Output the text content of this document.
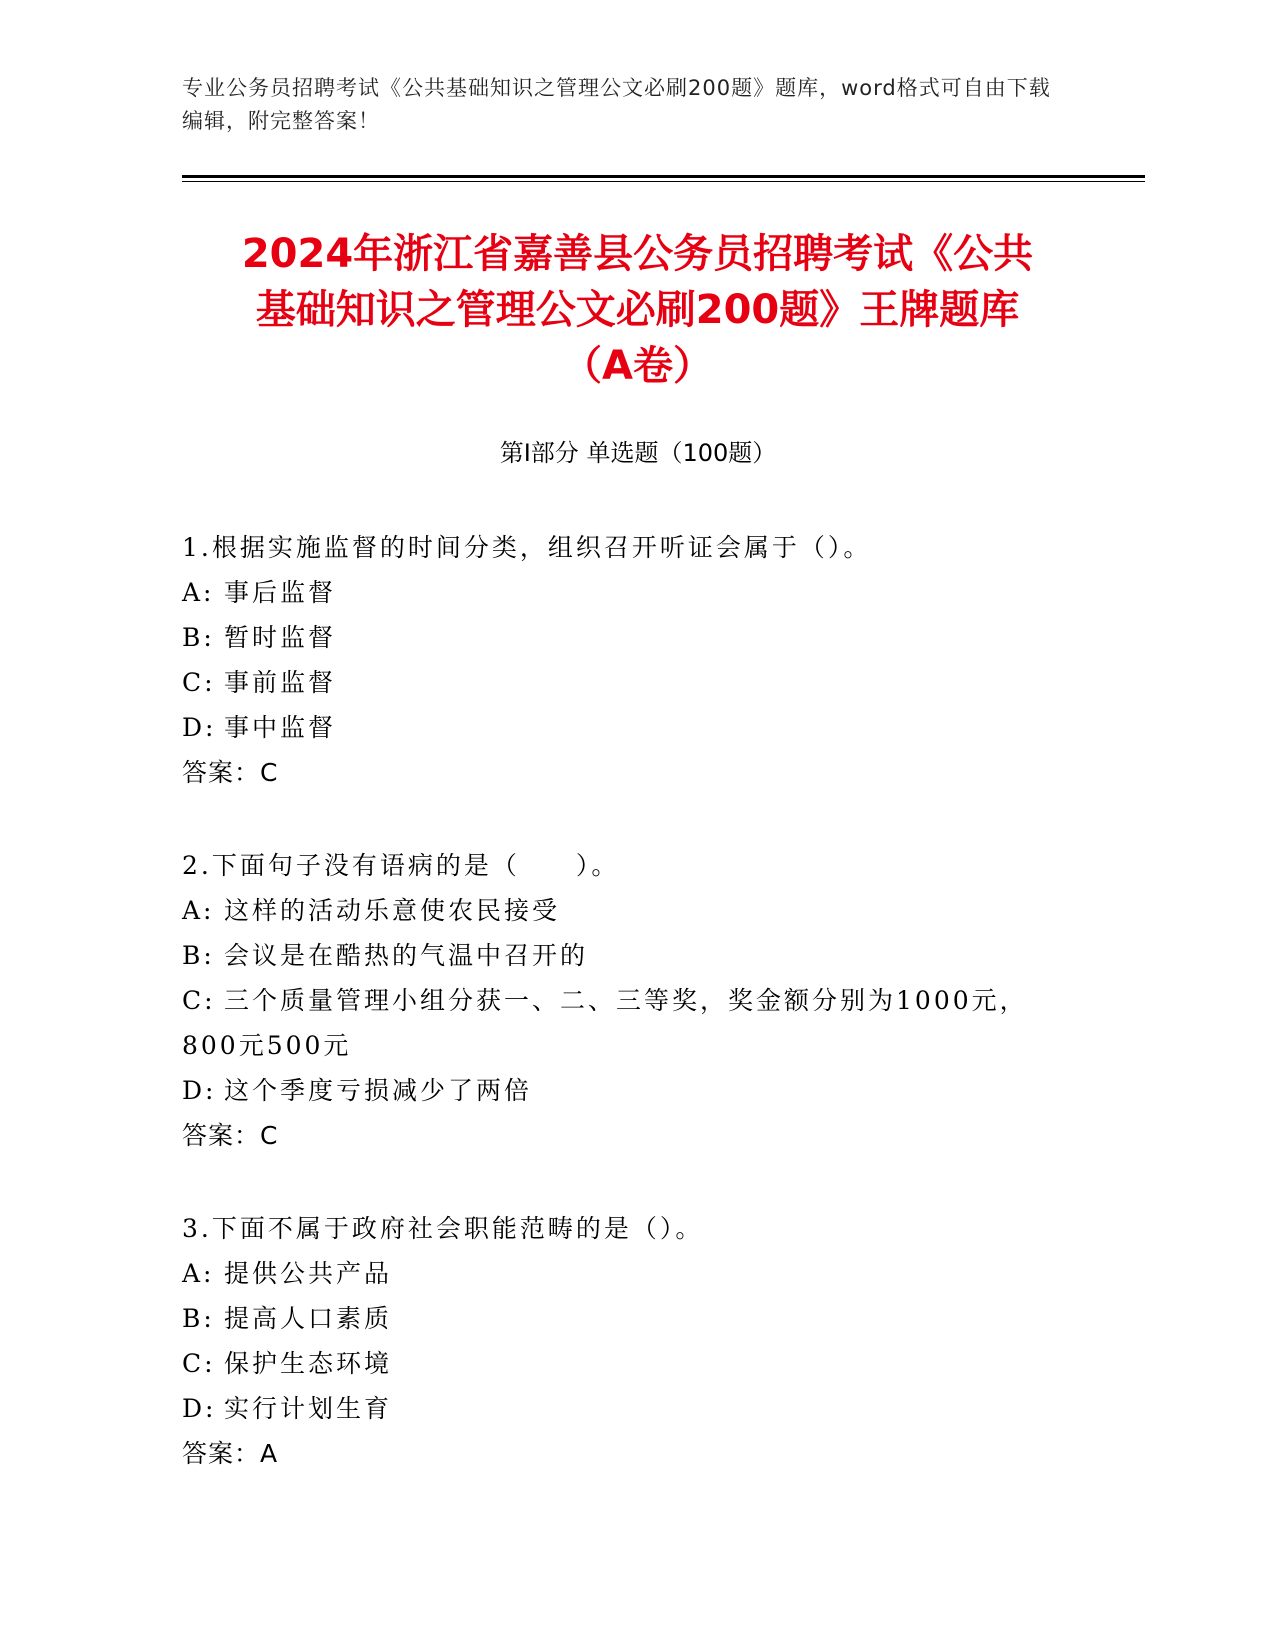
专业公务员招聘考试《公共基础知识之管理公文必刷200题》题库，word格式可自由下载编辑，附完整答案！
2024年浙江省嘉善县公务员招聘考试《公共
基础知识之管理公文必刷200题》王牌题库
（A卷）
第Ⅰ部分 单选题（100题）
1.根据实施监督的时间分类，组织召开听证会属于（）。
A: 事后监督
B: 暂时监督
C: 事前监督
D: 事中监督
答案：C
2.下面句子没有语病的是（　　）。
A: 这样的活动乐意使农民接受
B: 会议是在酷热的气温中召开的
C: 三个质量管理小组分获一、二、三等奖，奖金额分别为1000元，
800元500元
D: 这个季度亏损减少了两倍
答案：C
3.下面不属于政府社会职能范畴的是（）。
A: 提供公共产品
B: 提高人口素质
C: 保护生态环境
D: 实行计划生育
答案：A
